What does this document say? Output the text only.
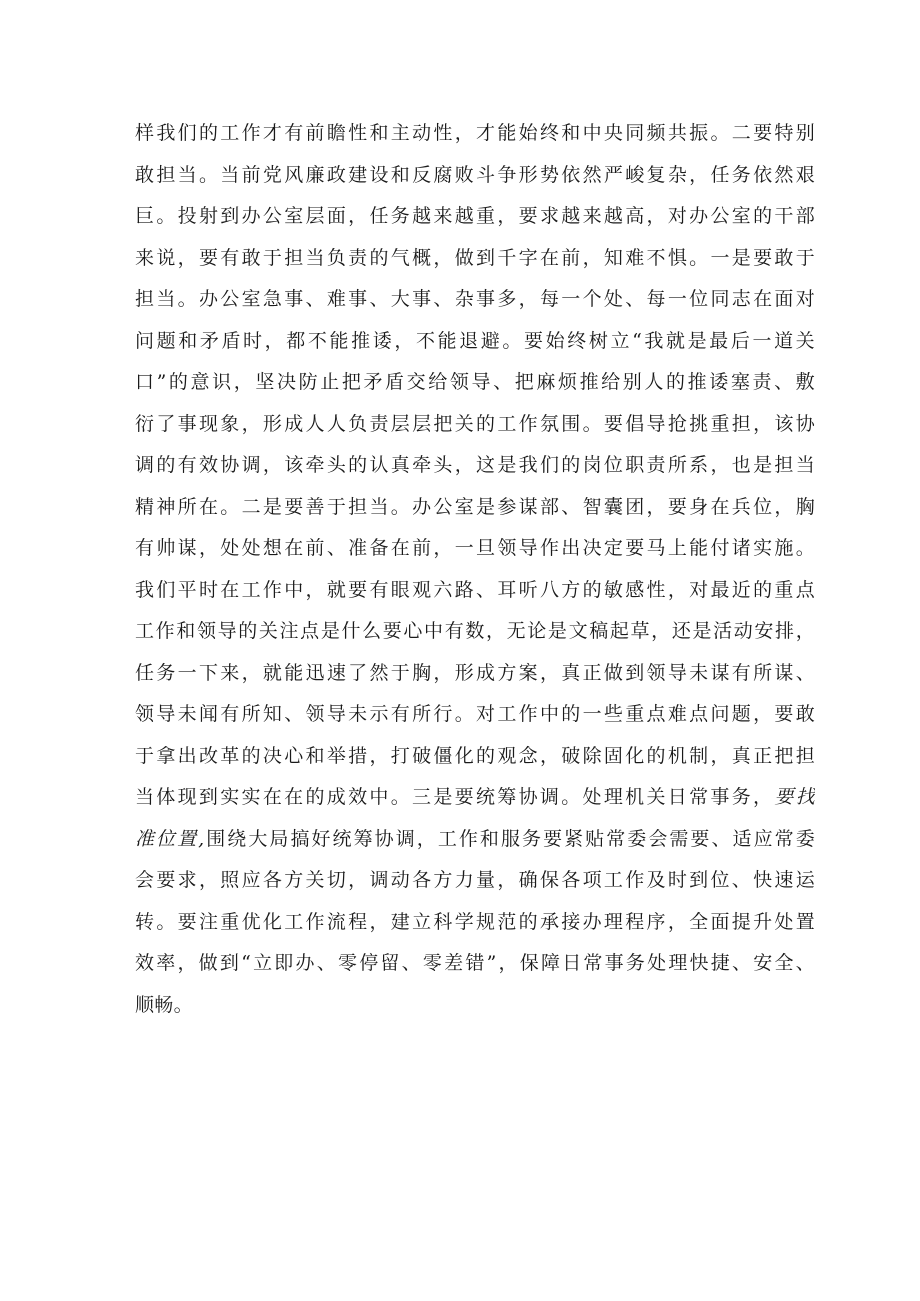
样我们的工作才有前瞻性和主动性，才能始终和中央同频共振。二要特别
敢担当。当前党风廉政建设和反腐败斗争形势依然严峻复杂，任务依然艰
巨。投射到办公室层面，任务越来越重，要求越来越高，对办公室的干部
来说，要有敢于担当负责的气概，做到千字在前，知难不惧。一是要敢于
担当。办公室急事、难事、大事、杂事多，每一个处、每一位同志在面对
问题和矛盾时，都不能推诿，不能退避。要始终树立“我就是最后一道关
口”的意识，坚决防止把矛盾交给领导、把麻烦推给别人的推诿塞责、敷
衍了事现象，形成人人负责层层把关的工作氛围。要倡导抢挑重担，该协
调的有效协调，该牵头的认真牵头，这是我们的岗位职责所系，也是担当
精神所在。二是要善于担当。办公室是参谋部、智囊团，要身在兵位，胸
有帅谋，处处想在前、准备在前，一旦领导作出决定要马上能付诸实施。
我们平时在工作中，就要有眼观六路、耳听八方的敏感性，对最近的重点
工作和领导的关注点是什么要心中有数，无论是文稿起草，还是活动安排，
任务一下来，就能迅速了然于胸，形成方案，真正做到领导未谋有所谋、
领导未闻有所知、领导未示有所行。对工作中的一些重点难点问题，要敢
于拿出改革的决心和举措，打破僵化的观念，破除固化的机制，真正把担
当体现到实实在在的成效中。三是要统筹协调。处理机关日常事务，要找
准位置,围绕大局搞好统筹协调，工作和服务要紧贴常委会需要、适应常委
会要求，照应各方关切，调动各方力量，确保各项工作及时到位、快速运
转。要注重优化工作流程，建立科学规范的承接办理程序，全面提升处置
效率，做到“立即办、零停留、零差错”，保障日常事务处理快捷、安全、
顺畅。
